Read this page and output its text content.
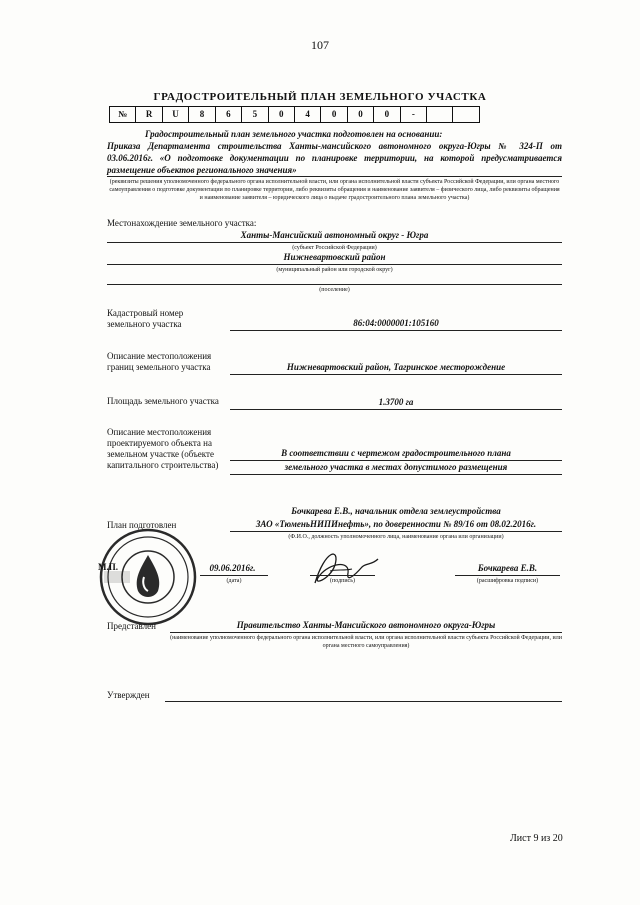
107
ГРАДОСТРОИТЕЛЬНЫЙ ПЛАН ЗЕМЕЛЬНОГО УЧАСТКА
№	R	U	8	6	5	0	4	0	0	0	-
Градостроительный план земельного участка подготовлен на основании:
Приказа Департамента строительства Ханты-мансийского автономного округа-Югры № 324-П от 03.06.2016г. «О подготовке документации по планировке территории, на которой предусматривается размещение объектов регионального значения»
(реквизиты решения уполномоченного федерального органа исполнительной власти, или органа исполнительной власти субъекта Российской Федерации, или органа местного самоуправления о подготовке документации по планировке территории, либо реквизиты обращения и наименование заявителя – физического лица, либо реквизиты обращения и наименование заявителя – юридического лица о выдаче градостроительного плана земельного участка)
Местонахождение земельного участка:
Ханты-Мансийский автономный округ - Югра
(субъект Российской Федерации)
Нижневартовский район
(муниципальный район или городской округ)
(поселение)
Кадастровый номер земельного участка	86:04:0000001:105160
Описание местоположения границ земельного участка	Нижневартовский район, Тагринское месторождение
Площадь земельного участка	1.3700 га
Описание местоположения проектируемого объекта на земельном участке (объекте капитального строительства)
В соответствии с чертежом градостроительного плана
земельного участка в местах допустимого размещения
План подготовлен
Бочкарева Е.В., начальник отдела землеустройства
ЗАО «ТюменьНИПИнефть», по доверенности № 89/16 от 08.02.2016г.
(Ф.И.О., должность уполномоченного лица, наименование органа или организации)
М.П.	09.06.2016г.
(дата)	(подпись)
Бочкарева Е.В.
(расшифровка подписи)
Представлен	Правительство Ханты-Мансийского автономного округа-Югры
(наименование уполномоченного федерального органа исполнительной власти, или органа исполнительной власти субъекта Российской Федерации, или органа местного самоуправления)
Утвержден
Лист 9 из 20
